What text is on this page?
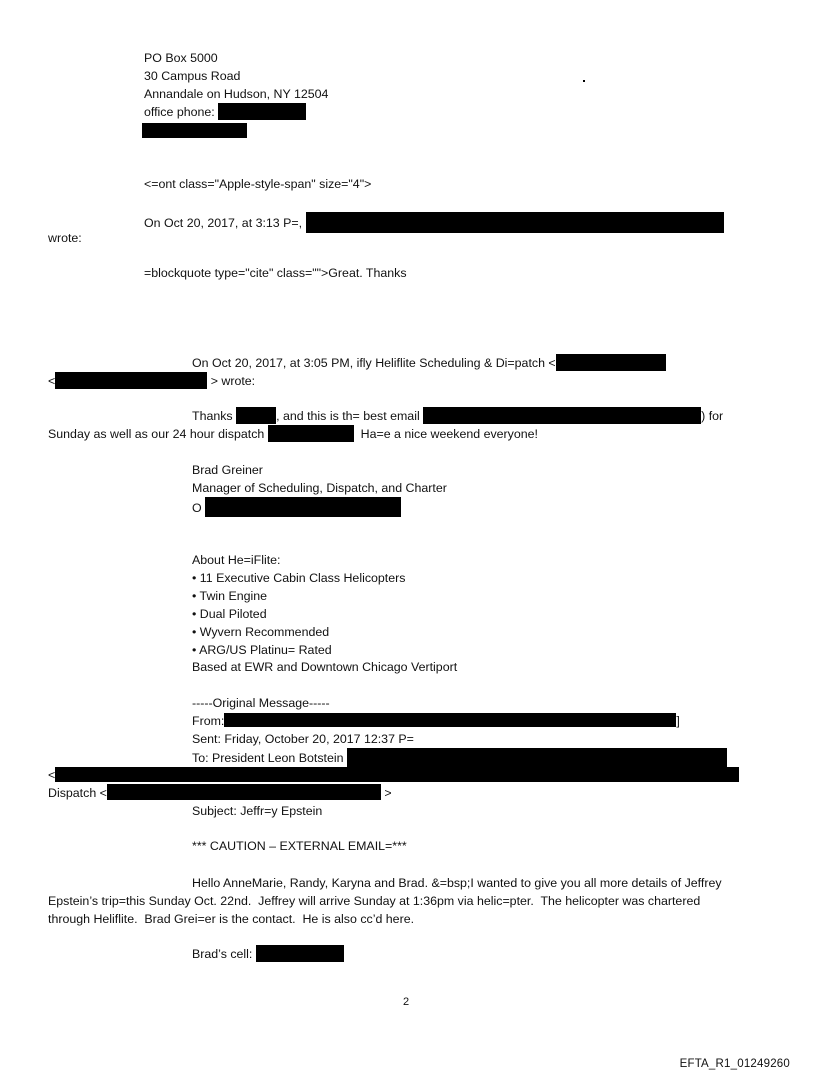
PO Box 5000
30 Campus Road
Annandale on Hudson, NY 12504
office phone:
<=ont class="Apple-style-span" size="4">
On Oct 20, 2017, at 3:13 P=,
wrote:
=blockquote type="cite" class="">Great. Thanks
On Oct 20, 2017, at 3:05 PM, ifly Heliflite Scheduling & Di=patch <
<	> wrote:
Thanks	, and this is th= best email	) for
Sunday as well as our 24 hour dispatch	Ha=e a nice weekend everyone!
Brad Greiner
Manager of Scheduling, Dispatch, and Charter
O
About He=iFlite:
• 11 Executive Cabin Class Helicopters
• Twin Engine
• Dual Piloted
• Wyvern Recommended
• ARG/US Platinu= Rated
Based at EWR and Downtown Chicago Vertiport
-----Original Message-----
From:	]
Sent: Friday, October 20, 2017 12:37 P=
To: President Leon Botstein
<
Dispatch <	>
Subject: Jeffr=y Epstein
*** CAUTION – EXTERNAL EMAIL=***
Hello AnneMarie, Randy, Karyna and Brad. &=bsp;I wanted to give you all more details of Jeffrey
Epstein’s trip=this Sunday Oct. 22nd.  Jeffrey will arrive Sunday at 1:36pm via helic=pter.  The helicopter was chartered
through Heliflite.  Brad Grei=er is the contact.  He is also cc’d here.
Brad’s cell:
2
EFTA_R1_01249260
